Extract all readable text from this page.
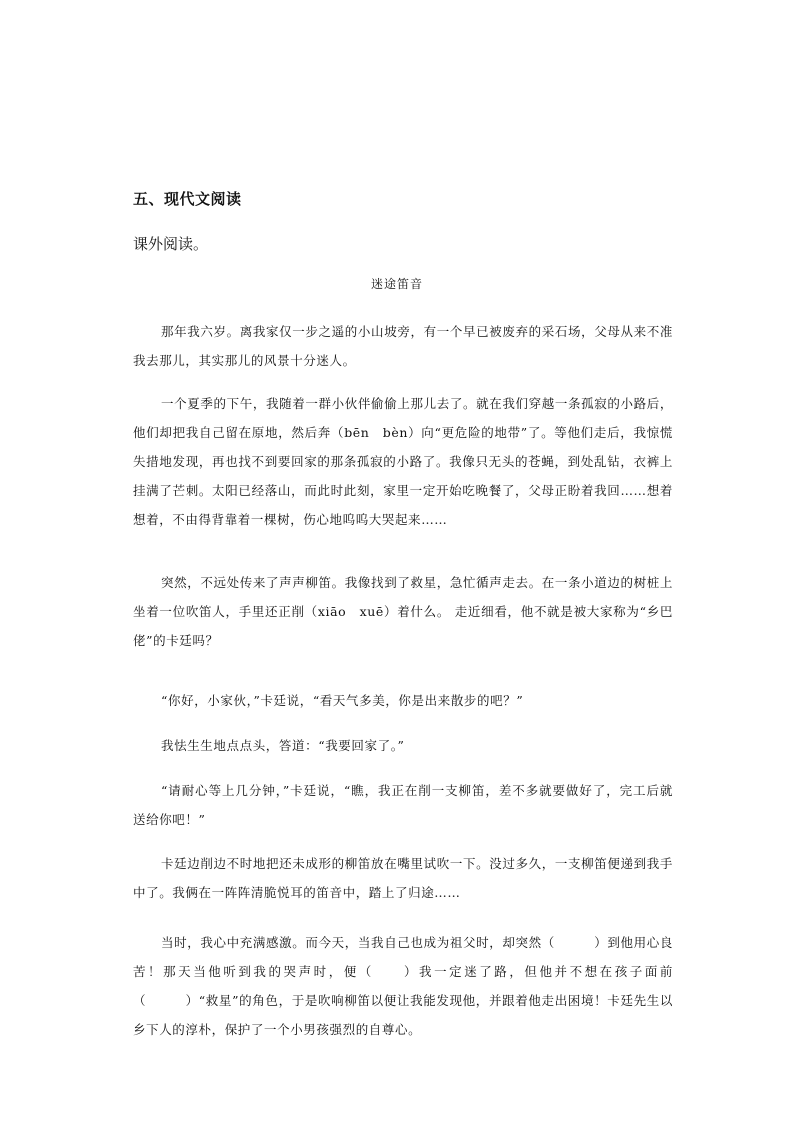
五、现代文阅读
课外阅读。
迷途笛音

那年我六岁。离我家仅一步之遥的小山坡旁，有一个早已被废弃的采石场，父母从来不准我去那儿，其实那儿的风景十分迷人。

一个夏季的下午，我随着一群小伙伴偷偷上那儿去了。就在我们穿越一条孤寂的小路后，他们却把我自己留在原地，然后奔（bēn　bèn）向“更危险的地带”了。等他们走后，我惊慌失措地发现，再也找不到要回家的那条孤寂的小路了。我像只无头的苍蝇，到处乱钻，衣裤上挂满了芒刺。太阳已经落山，而此时此刻，家里一定开始吃晚餐了，父母正盼着我回……想着想着，不由得背靠着一棵树，伤心地呜呜大哭起来……

突然，不远处传来了声声柳笛。我像找到了救星，急忙循声走去。在一条小道边的树桩上坐着一位吹笛人，手里还正削（xiāo　xuē）着什么。 走近细看，他不就是被大家称为“乡巴佬”的卡廷吗？

“你好，小家伙，”卡廷说，“看天气多美，你是出来散步的吧？”

我怯生生地点点头，答道：“我要回家了。”

“请耐心等上几分钟，”卡廷说，“瞧，我正在削一支柳笛，差不多就要做好了，完工后就送给你吧！”

卡廷边削边不时地把还未成形的柳笛放在嘴里试吹一下。没过多久，一支柳笛便递到我手中了。我俩在一阵阵清脆悦耳的笛音中，踏上了归途……

当时，我心中充满感激。而今天，当我自己也成为祖父时，却突然（　　　）到他用心良苦！那天当他听到我的哭声时，便（　　）我一定迷了路，但他并不想在孩子面前（　　　）“救星”的角色，于是吹响柳笛以便让我能发现他，并跟着他走出困境！卡廷先生以乡下人的淳朴，保护了一个小男孩强烈的自尊心。
